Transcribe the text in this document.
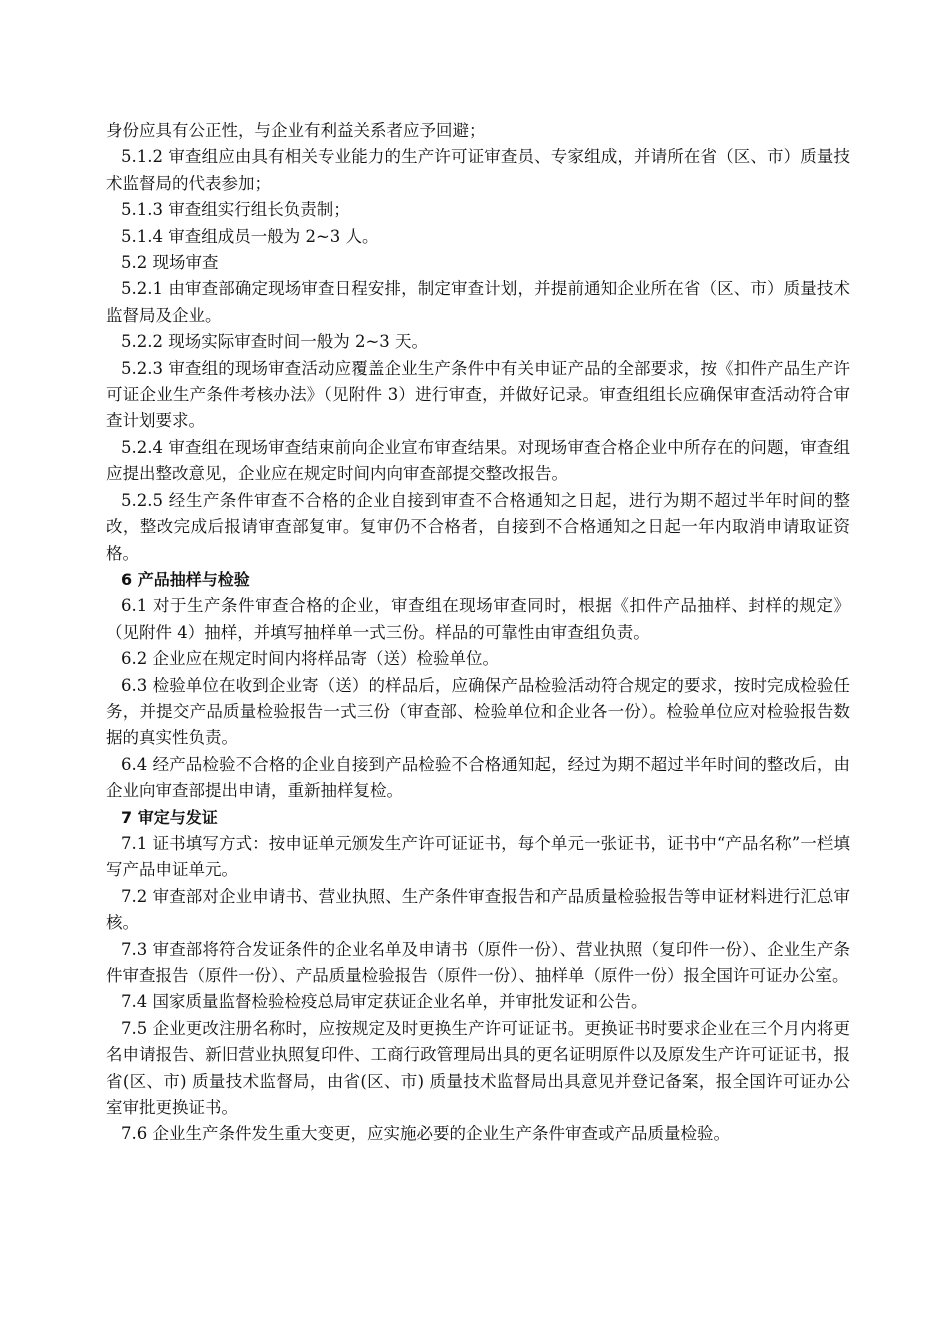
身份应具有公正性，与企业有利益关系者应予回避；

5.1.2 审查组应由具有相关专业能力的生产许可证审查员、专家组成，并请所在省（区、市）质量技术监督局的代表参加；

5.1.3 审查组实行组长负责制；

5.1.4 审查组成员一般为 2~3 人。

5.2 现场审查

5.2.1 由审查部确定现场审查日程安排，制定审查计划，并提前通知企业所在省（区、市）质量技术监督局及企业。

5.2.2 现场实际审查时间一般为 2~3 天。

5.2.3 审查组的现场审查活动应覆盖企业生产条件中有关申证产品的全部要求，按《扣件产品生产许可证企业生产条件考核办法》（见附件 3）进行审查，并做好记录。审查组组长应确保审查活动符合审查计划要求。

5.2.4 审查组在现场审查结束前向企业宣布审查结果。对现场审查合格企业中所存在的问题，审查组应提出整改意见，企业应在规定时间内向审查部提交整改报告。

5.2.5 经生产条件审查不合格的企业自接到审查不合格通知之日起，进行为期不超过半年时间的整改，整改完成后报请审查部复审。复审仍不合格者，自接到不合格通知之日起一年内取消申请取证资格。

6 产品抽样与检验

6.1 对于生产条件审查合格的企业，审查组在现场审查同时，根据《扣件产品抽样、封样的规定》（见附件 4）抽样，并填写抽样单一式三份。样品的可靠性由审查组负责。

6.2 企业应在规定时间内将样品寄（送）检验单位。

6.3 检验单位在收到企业寄（送）的样品后，应确保产品检验活动符合规定的要求，按时完成检验任务，并提交产品质量检验报告一式三份（审查部、检验单位和企业各一份）。检验单位应对检验报告数据的真实性负责。

6.4 经产品检验不合格的企业自接到产品检验不合格通知起，经过为期不超过半年时间的整改后，由企业向审查部提出申请，重新抽样复检。

7 审定与发证

7.1 证书填写方式：按申证单元颁发生产许可证证书，每个单元一张证书，证书中“产品名称”一栏填写产品申证单元。

7.2 审查部对企业申请书、营业执照、生产条件审查报告和产品质量检验报告等申证材料进行汇总审核。

7.3 审查部将符合发证条件的企业名单及申请书（原件一份）、营业执照（复印件一份）、企业生产条件审查报告（原件一份）、产品质量检验报告（原件一份）、抽样单（原件一份）报全国许可证办公室。

7.4 国家质量监督检验检疫总局审定获证企业名单，并审批发证和公告。

7.5 企业更改注册名称时，应按规定及时更换生产许可证证书。更换证书时要求企业在三个月内将更名申请报告、新旧营业执照复印件、工商行政管理局出具的更名证明原件以及原发生产许可证证书，报省(区、市) 质量技术监督局，由省(区、市) 质量技术监督局出具意见并登记备案，报全国许可证办公室审批更换证书。

7.6 企业生产条件发生重大变更，应实施必要的企业生产条件审查或产品质量检验。
